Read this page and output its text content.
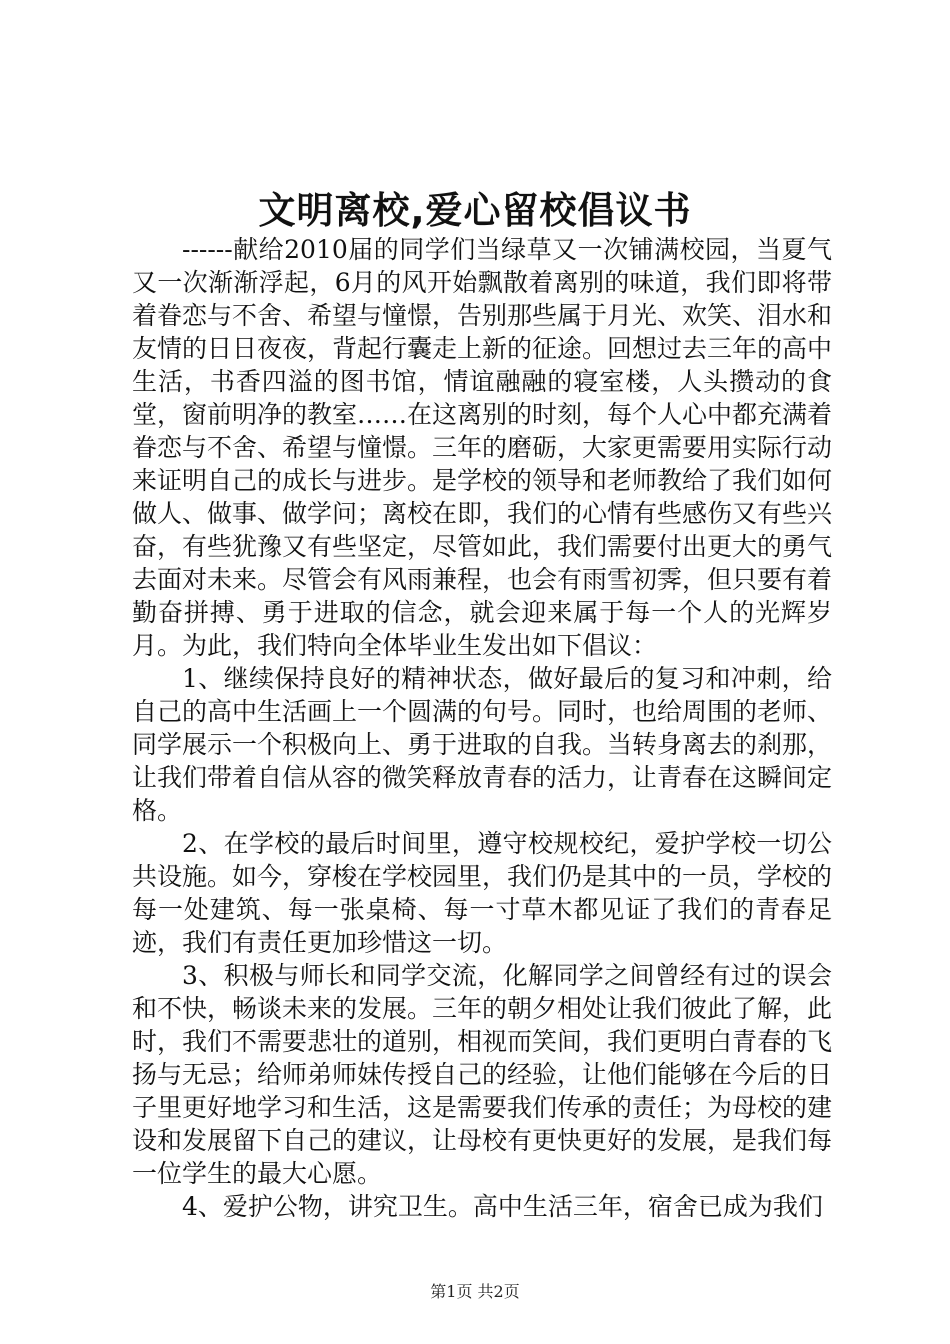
文明离校,爱心留校倡议书

------献给2010届的同学们当绿草又一次铺满校园，当夏气又一次渐渐浮起，6月的风开始飘散着离别的味道，我们即将带着眷恋与不舍、希望与憧憬，告别那些属于月光、欢笑、泪水和友情的日日夜夜，背起行囊走上新的征途。回想过去三年的高中生活，书香四溢的图书馆，情谊融融的寝室楼，人头攒动的食堂，窗前明净的教室……在这离别的时刻，每个人心中都充满着眷恋与不舍、希望与憧憬。三年的磨砺，大家更需要用实际行动来证明自己的成长与进步。是学校的领导和老师教给了我们如何做人、做事、做学问；离校在即，我们的心情有些感伤又有些兴奋，有些犹豫又有些坚定，尽管如此，我们需要付出更大的勇气去面对未来。尽管会有风雨兼程，也会有雨雪初霁，但只要有着勤奋拼搏、勇于进取的信念，就会迎来属于每一个人的光辉岁月。为此，我们特向全体毕业生发出如下倡议：

1、继续保持良好的精神状态，做好最后的复习和冲刺，给自己的高中生活画上一个圆满的句号。同时，也给周围的老师、同学展示一个积极向上、勇于进取的自我。当转身离去的刹那，让我们带着自信从容的微笑释放青春的活力，让青春在这瞬间定格。

2、在学校的最后时间里，遵守校规校纪，爱护学校一切公共设施。如今，穿梭在学校园里，我们仍是其中的一员，学校的每一处建筑、每一张桌椅、每一寸草木都见证了我们的青春足迹，我们有责任更加珍惜这一切。

3、积极与师长和同学交流，化解同学之间曾经有过的误会和不快，畅谈未来的发展。三年的朝夕相处让我们彼此了解，此时，我们不需要悲壮的道别，相视而笑间，我们更明白青春的飞扬与无忌；给师弟师妹传授自己的经验，让他们能够在今后的日子里更好地学习和生活，这是需要我们传承的责任；为母校的建设和发展留下自己的建议，让母校有更快更好的发展，是我们每一位学生的最大心愿。

4、爱护公物，讲究卫生。高中生活三年，宿舍已成为我们

第1页 共2页
